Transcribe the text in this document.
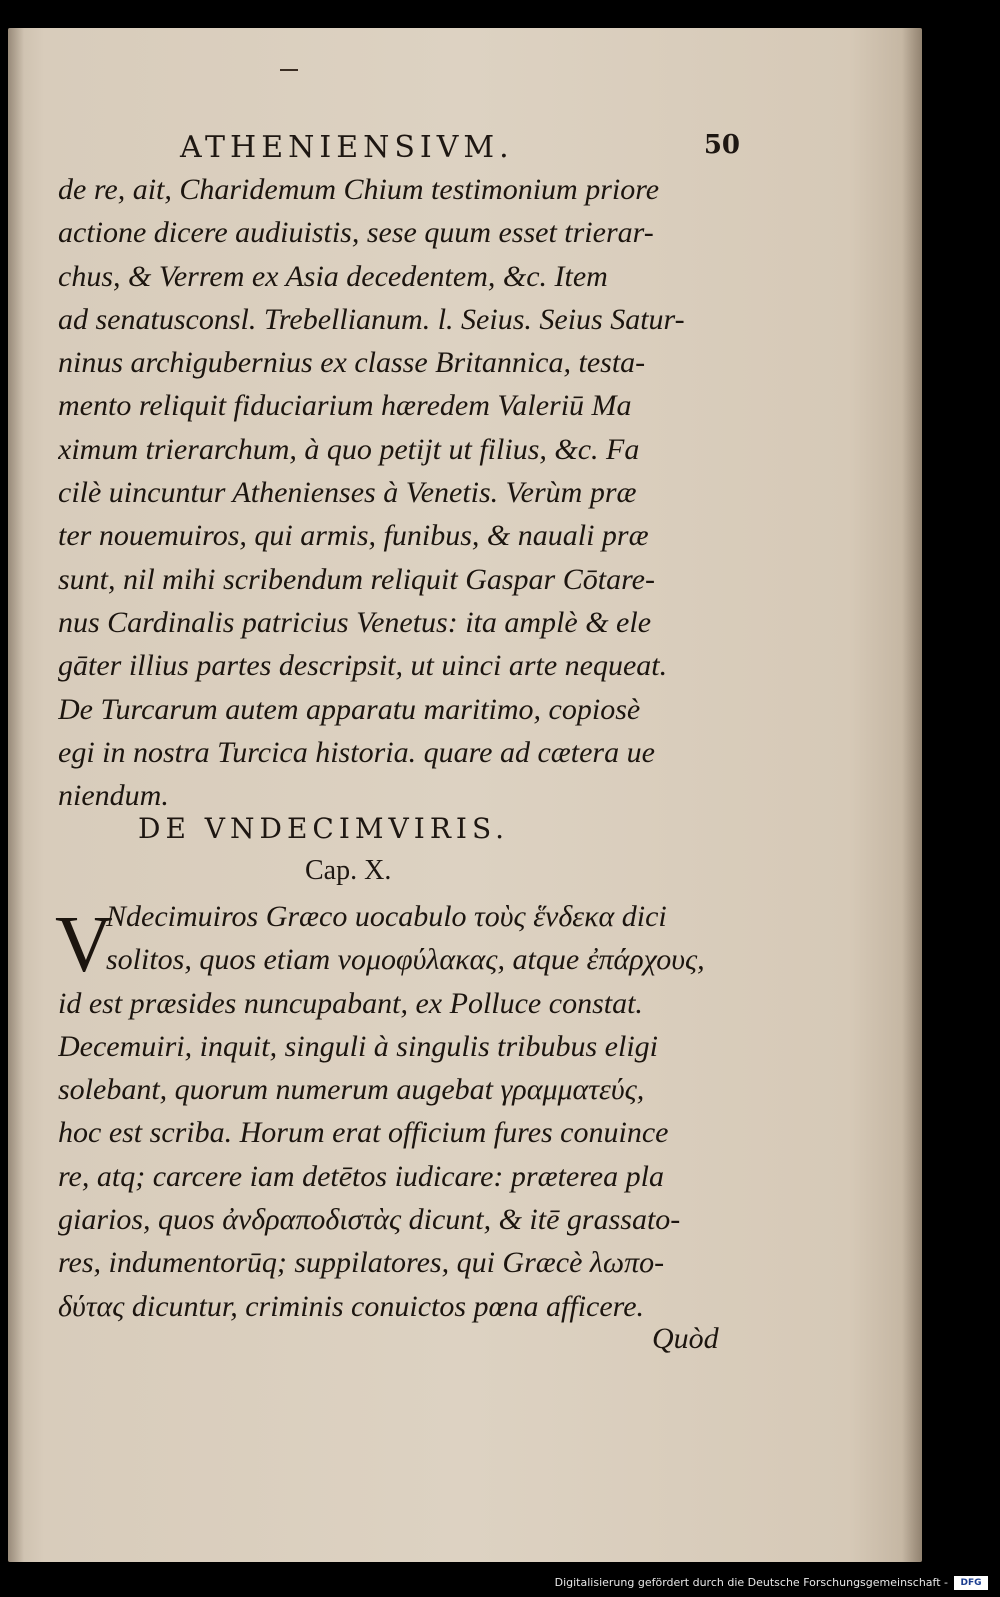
ATHENIENSIVM.	50
de re, ait, Charidemum Chium testimonium priore
actione dicere audiuistis, sese quum esset trierar-
chus, & Verrem ex Asia decedentem, &c. Item
ad senatusconsl. Trebellianum. l. Seius. Seius Satur-
ninus archigubernius ex classe Britannica, testa-
mento reliquit fiduciarium hæredem Valeriū Ma
ximum trierarchum, à quo petijt ut filius, &c. Fa
cilè uincuntur Athenienses à Venetis. Verùm præ
ter nouemuiros, qui armis, funibus, & nauali præ
sunt, nil mihi scribendum reliquit Gaspar Cōtare-
nus Cardinalis patricius Venetus: ita amplè & ele
gāter illius partes descripsit, ut uinci arte nequeat.
De Turcarum autem apparatu maritimo, copiosè
egi in nostra Turcica historia. quare ad cætera ue
niendum.
DE VNDECIMVIRIS.
Cap. X.
V
Ndecimuiros Græco uocabulo τοὺς ἕνδεκα dici
solitos, quos etiam νομοφύλακας, atque ἐπάρχους,
id est præsides nuncupabant, ex Polluce constat.
Decemuiri, inquit, singuli à singulis tribubus eligi
solebant, quorum numerum augebat γραμματεύς,
hoc est scriba. Horum erat officium fures conuince
re, atq; carcere iam detētos iudicare: præterea pla
giarios, quos ἀνδραποδιστὰς dicunt, & itē grassato-
res, indumentorūq; suppilatores, qui Græcè λωπο-
δύτας dicuntur, criminis conuictos pœna afficere.
Quòd
Digitalisierung gefördert durch die Deutsche Forschungsgemeinschaft -	DFG
